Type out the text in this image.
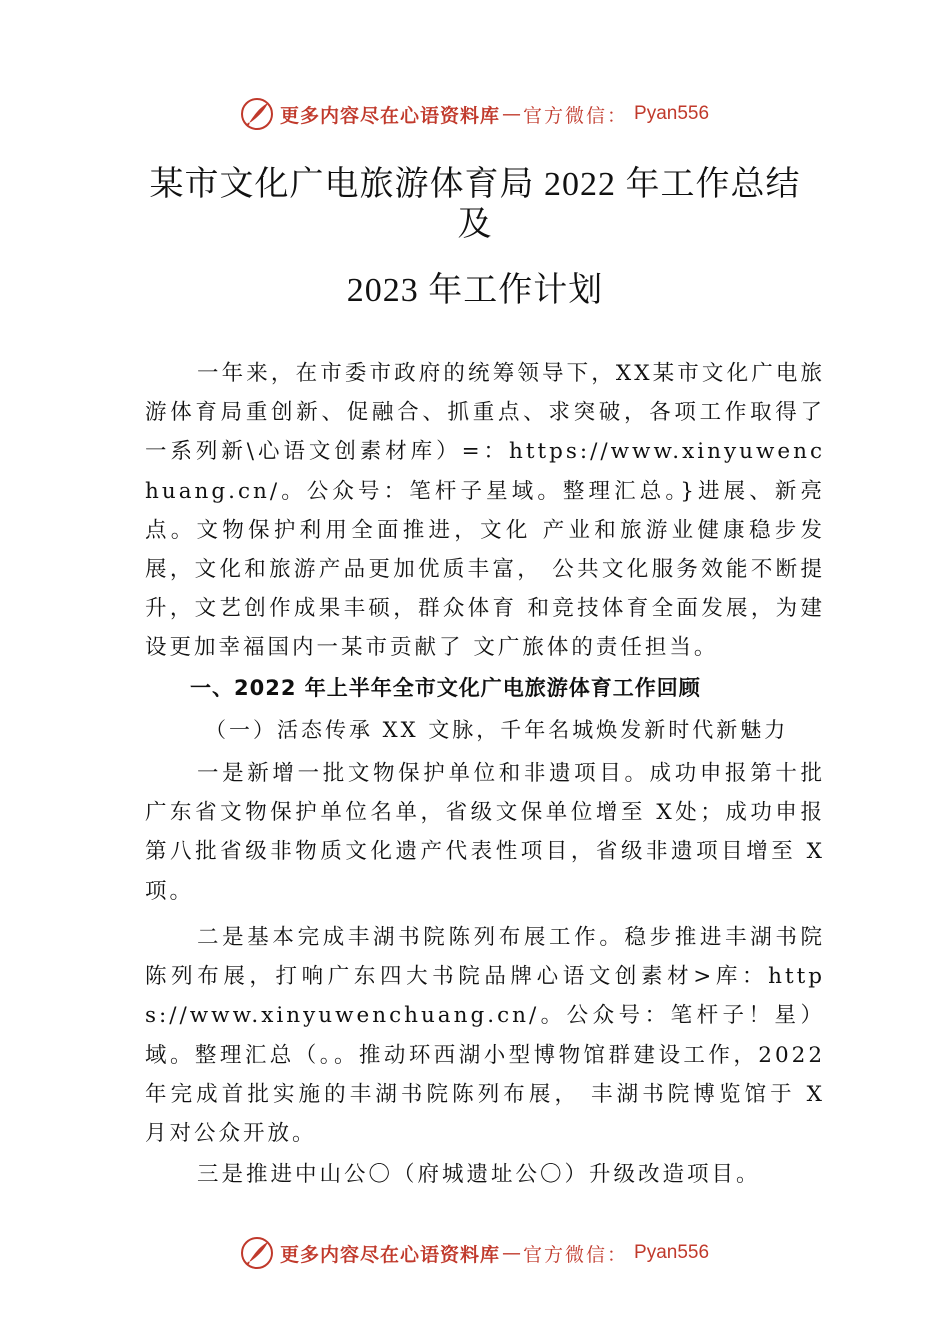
更多内容尽在心语资料库 — 官方微信： Pyan556
某市文化广电旅游体育局 2022 年工作总结
及
2023 年工作计划

一年来，在市委市政府的统筹领导下，XX某市文化广电旅游体育局重创新、促融合、抓重点、求突破，各项工作取得了一系列新\心语文创素材库）=：https://www.xinyuwenchuang.cn/。公众号：笔杆子星域。整理汇总。}进展、新亮点。文物保护利用全面推进，文化 产业和旅游业健康稳步发展，文化和旅游产品更加优质丰富， 公共文化服务效能不断提升，文艺创作成果丰硕，群众体育 和竞技体育全面发展，为建设更加幸福国内一某市贡献了 文广旅体的责任担当。

一、2022 年上半年全市文化广电旅游体育工作回顾
（一）活态传承 XX 文脉，千年名城焕发新时代新魅力

一是新增一批文物保护单位和非遗项目。成功申报第十批广东省文物保护单位名单，省级文保单位增至 X处；成功申报第八批省级非物质文化遗产代表性项目，省级非遗项目增至 X项。

二是基本完成丰湖书院陈列布展工作。稳步推进丰湖书院陈列布展，打响广东四大书院品牌心语文创素材>库：https://www.xinyuwenchuang.cn/。公众号：笔杆子！星）域。整理汇总（。。推动环西湖小型博物馆群建设工作，2022 年完成首批实施的丰湖书院陈列布展， 丰湖书院博览馆于 X 月对公众开放。

三是推进中山公〇（府城遗址公〇）升级改造项目。

更多内容尽在心语资料库 — 官方微信： Pyan556
